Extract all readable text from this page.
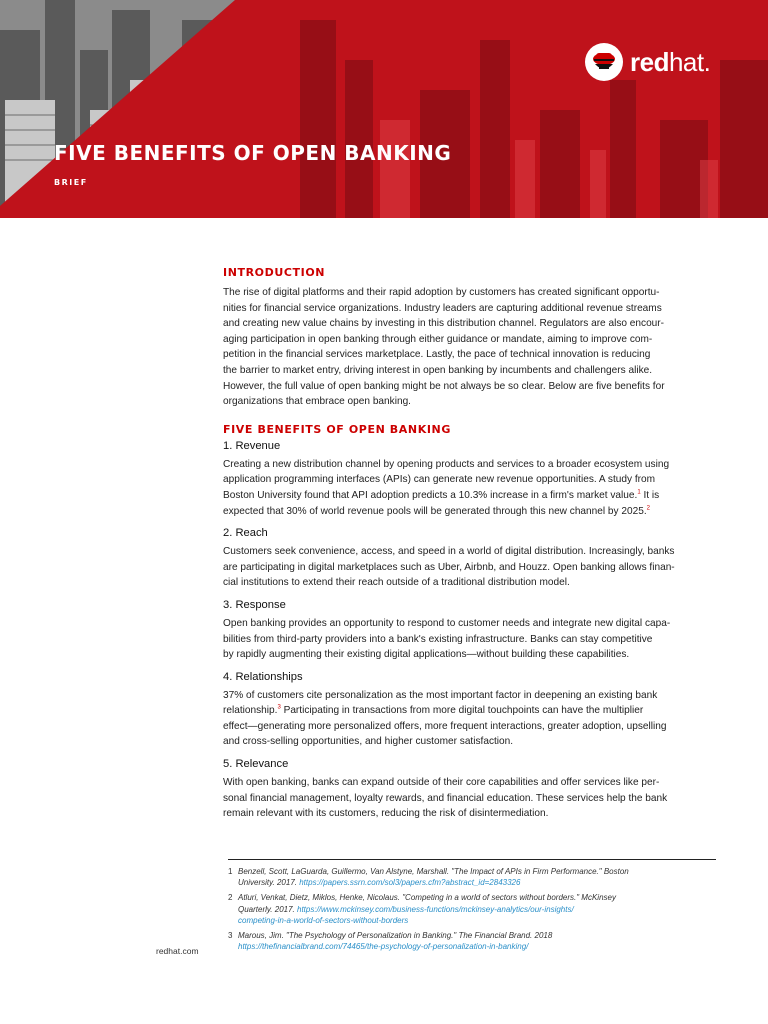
redhat.
FIVE BENEFITS OF OPEN BANKING
BRIEF
INTRODUCTION

The rise of digital platforms and their rapid adoption by customers has created significant opportu-

nities for financial service organizations. Industry leaders are capturing additional revenue streams

and creating new value chains by investing in this distribution channel. Regulators are also encour-

aging participation in open banking through either guidance or mandate, aiming to improve com-

petition in the financial services marketplace. Lastly, the pace of technical innovation is reducing

the barrier to market entry, driving interest in open banking by incumbents and challengers alike.

However, the full value of open banking might be not always be so clear. Below are five benefits for

organizations that embrace open banking.

FIVE BENEFITS OF OPEN BANKING

1. Revenue

Creating a new distribution channel by opening products and services to a broader ecosystem using

application programming interfaces (APIs) can generate new revenue opportunities. A study from

Boston University found that API adoption predicts a 10.3% increase in a firm's market value.$^1$ It is

expected that 30% of world revenue pools will be generated through this new channel by 2025.$^2$

2. Reach

Customers seek convenience, access, and speed in a world of digital distribution. Increasingly, banks

are participating in digital marketplaces such as Uber, Airbnb, and Houzz. Open banking allows finan-

cial institutions to extend their reach outside of a traditional distribution model.

3. Response

Open banking provides an opportunity to respond to customer needs and integrate new digital capa-

bilities from third-party providers into a bank's existing infrastructure. Banks can stay competitive

by rapidly augmenting their existing digital applications—without building these capabilities.

4. Relationships

37% of customers cite personalization as the most important factor in deepening an existing bank

relationship.$^3$ Participating in transactions from more digital touchpoints can have the multiplier

effect—generating more personalized offers, more frequent interactions, greater adoption, upselling

and cross-selling opportunities, and higher customer satisfaction.

5. Relevance

With open banking, banks can expand outside of their core capabilities and offer services like per-

sonal financial management, loyalty rewards, and financial education. These services help the bank

remain relevant with its customers, reducing the risk of disintermediation.

1 Benzell, Scott, LaGuarda, Guillermo, Van Alstyne, Marshall. "The Impact of APIs in Firm Performance." Boston
University. 2017. https://papers.ssrn.com/sol3/papers.cfm?abstract_id=2843326
2 Atluri, Venkat, Dietz, Miklos, Henke, Nicolaus. "Competing in a world of sectors without borders." McKinsey
Quarterly. 2017. https://www.mckinsey.com/business-functions/mckinsey-analytics/our-insights/
competing-in-a-world-of-sectors-without-borders
3 Marous, Jim. "The Psychology of Personalization in Banking." The Financial Brand. 2018
https://thefinancialbrand.com/74465/the-psychology-of-personalization-in-banking/
redhat.com
